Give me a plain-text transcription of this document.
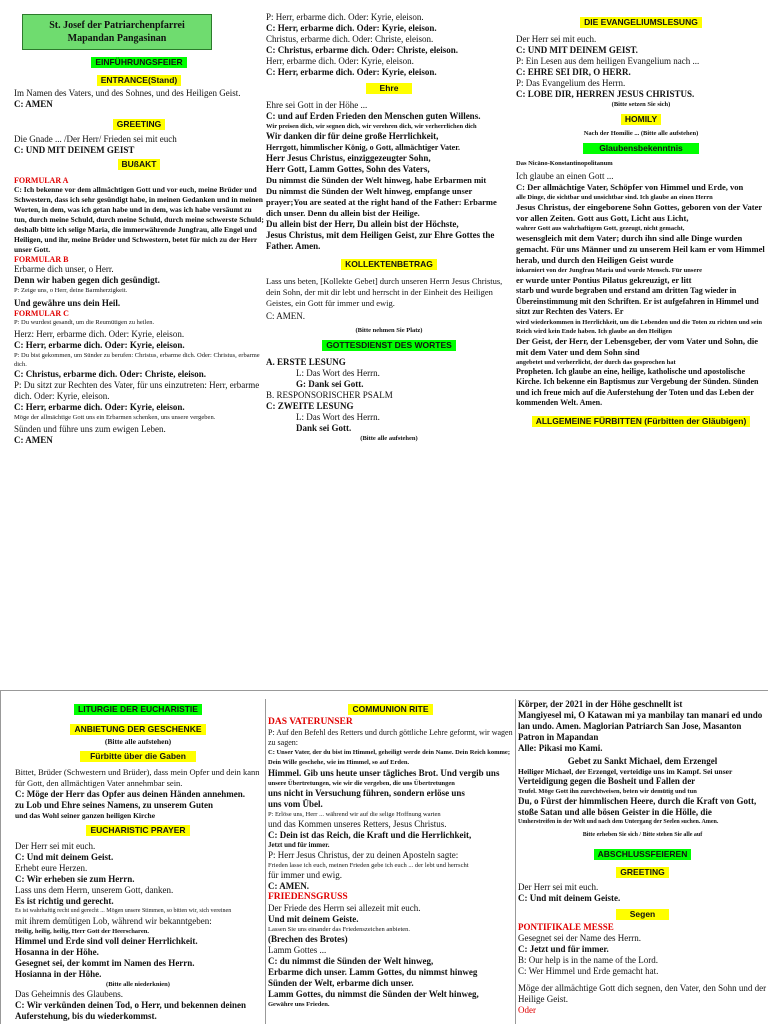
St. Josef der Patriarchenpfarrei
Mapandan Pangasinan
EINFÜHRUNGSFEIER
ENTRANCE(Stand)

Im Namen des Vaters, und des Sohnes, und des Heiligen Geist.

C: AMEN

GREETING

Die Gnade ... /Der Herr/ Frieden sei mit euch

C: UND MIT DEINEM GEIST

BUßAKT

FORMULAR A

C: Ich bekenne vor dem allmächtigen Gott und vor euch, meine Brüder und Schwestern, dass ich sehr gesündigt habe, in meinen Gedanken und in meinen Worten, in dem, was ich getan habe und in dem, was ich habe versäumt zu tun, durch meine Schuld, durch meine Schuld, durch meine schwerste Schuld; deshalb bitte ich selige Maria, die immerwährende Jungfrau, alle Engel und Heiligen, und ihr, meine Brüder und Schwestern, betet für mich zu der Herr unser Gott.

FORMULAR B

Erbarme dich unser, o Herr.

Denn wir haben gegen dich gesündigt.

P: Zeige uns, o Herr, deine Barmherzigkeit.

Und gewähre uns dein Heil.

FORMULAR C

P: Du wurdest gesandt, um die Reumütigen zu heilen.

Herz: Herr, erbarme dich. Oder: Kyrie, eleison.

C: Herr, erbarme dich. Oder: Kyrie, eleison.

P: Du bist gekommen, um Sünder zu berufen: Christus, erbarme dich. Oder: Christus, erbarme dich.

C: Christus, erbarme dich. Oder: Christe, eleison.

P: Du sitzt zur Rechten des Vater, für uns einzutreten: Herr, erbarme dich. Oder: Kyrie, eleison.

C: Herr, erbarme dich. Oder: Kyrie, eleison.

Möge der allmächtige Gott uns ein Erbarmen schenken, uns unsere vergeben.

Sünden und führe uns zum ewigen Leben.

C: AMEN

P: Herr, erbarme dich. Oder: Kyrie, eleison.

C: Herr, erbarme dich. Oder: Kyrie, eleison.

Christus, erbarme dich. Oder: Christe, eleison.

C: Christus, erbarme dich. Oder: Christe, eleison.

Herr, erbarme dich. Oder: Kyrie, eleison.

C: Herr, erbarme dich. Oder: Kyrie, eleison.

Ehre

Ehre sei Gott in der Höhe ...

C: und auf Erden Frieden den Menschen guten Willens.

Wir preisen dich, wir segnen dich, wir verehren dich, wir verherrlichen dich

Wir danken dir für deine große Herrlichkeit,

Herrgott, himmlischer König, o Gott, allmächtiger Vater.

Herr Jesus Christus, einziggezeugter Sohn,

Herr Gott, Lamm Gottes, Sohn des Vaters,

Du nimmst die Sünden der Welt hinweg, habe Erbarmen mit

Du nimmst die Sünden der Welt hinweg, empfange unser prayer;You are seated at the right hand of the Father: Erbarme dich unser. Denn du allein bist der Heilige.

Du allein bist der Herr, Du allein bist der Höchste,

Jesus Christus, mit dem Heiligen Geist, zur Ehre Gottes the Father. Amen.

KOLLEKTENBETRAG

Lass uns beten, [Kollekte Gebet] durch unseren Herrn Jesus Christus, dein Sohn, der mit dir lebt und herrscht in der Einheit des Heiligen Geistes, ein Gott für immer und ewig.

C: AMEN.

(Bitte nehmen Sie Platz)

GOTTESDIENST DES WORTES

A. ERSTE LESUNG

L: Das Wort des Herrn.

G: Dank sei Gott.

B. RESPONSORISCHER PSALM

C: ZWEITE LESUNG

L: Das Wort des Herrn.

Dank sei Gott.

(Bitte alle aufstehen)

DIE EVANGELIUMSLESUNG

Der Herr sei mit euch.

C: UND MIT DEINEM GEIST.

P: Ein Lesen aus dem heiligen Evangelium nach ...

C: EHRE SEI DIR, O HERR.

P: Das Evangelium des Herrn.

C: LOBE DIR, HERREN JESUS CHRISTUS.

(Bitte setzen Sie sich)

HOMILY

Nach der Homilie ... (Bitte alle aufstehen)

Glaubensbekenntnis

Das Nicäno-Konstantinopolitanum

Ich glaube an einen Gott ...

C: Der allmächtige Vater, Schöpfer von Himmel und Erde, von

alle Dinge, die sichtbar und unsichtbar sind. Ich glaube an einen Herrn

Jesus Christus, der eingeborene Sohn Gottes, geboren von der Vater vor allen Zeiten. Gott aus Gott, Licht aus Licht,

wahrer Gott aus wahrhaftigem Gott, gezeugt, nicht gemacht,

wesensgleich mit dem Vater; durch ihn sind alle Dinge wurden gemacht. Für uns Männer und zu unserem Heil kam er vom Himmel herab, und durch den Heiligen Geist wurde

inkarniert von der Jungfrau Maria und wurde Mensch. Für unsere

er wurde unter Pontius Pilatus gekreuzigt, er litt

starb und wurde begraben und erstand am dritten Tag wieder in Übereinstimmung mit den Schriften. Er ist aufgefahren in Himmel und sitzt zur Rechten des Vaters. Er

wird wiederkommen in Herrlichkeit, um die Lebenden und die Toten zu richten und sein Reich wird kein Ende haben. Ich glaube an den Heiligen

Der Geist, der Herr, der Lebensgeber, der vom Vater und Sohn, die mit dem Vater und dem Sohn sind

angebetet und verherrlicht, der durch das gesprochen hat

Propheten. Ich glaube an eine, heilige, katholische und apostolische Kirche. Ich bekenne ein Baptismus zur Vergebung der Sünden. Sünden und ich freue mich auf die Auferstehung der Toten und das Leben der kommenden Welt. Amen.

ALLGEMEINE FÜRBITTEN (Fürbitten der Gläubigen)
LITURGIE DER EUCHARISTIE
ANBIETUNG DER GESCHENKE

(Bitte alle aufstehen)

Fürbitte über die Gaben

Bittet, Brüder (Schwestern und Brüder), dass mein Opfer und dein kann für Gott, den allmächtigen Vater annehmbar sein.

C: Möge der Herr das Opfer aus deinen Händen annehmen.

zu Lob und Ehre seines Namens, zu unserem Guten

und das Wohl seiner ganzen heiligen Kirche

EUCHARISTIC PRAYER

Der Herr sei mit euch.

C: Und mit deinem Geist.

Erhebt eure Herzen.

C: Wir erheben sie zum Herrn.

Lass uns dem Herrn, unserem Gott, danken.

Es ist richtig und gerecht.

Es ist wahrhaftig recht und gerecht ... Mögen unsere Stimmen, so bitten wir, sich vereinen

mit ihrem demütigen Lob, während wir bekanntgeben:

Heilig, heilig, heilig, Herr Gott der Heerscharen.

Himmel und Erde sind voll deiner Herrlichkeit.

Hosanna in der Höhe.

Gesegnet sei, der kommt im Namen des Herrn.

Hosianna in der Höhe.

(Bitte alle niederknien)

Das Geheimnis des Glaubens.

C: Wir verkünden deinen Tod, o Herr, und bekennen deinen

Auferstehung, bis du wiederkommst.

COMMUNION RITE

DAS VATERUNSER

P: Auf den Befehl des Retters und durch göttliche Lehre geformt, wir wagen zu sagen:

C: Unser Vater, der du bist im Himmel, geheiligt werde dein Name. Dein Reich komme; Dein Wille geschehe, wie im Himmel, so auf Erden.

Himmel. Gib uns heute unser tägliches Brot. Und vergib uns

unsere Übertretungen, wie wir die vergeben, die uns Übertretungen

uns nicht in Versuchung führen, sondern erlöse uns

uns vom Übel.

P: Erlöse uns, Herr ... während wir auf die selige Hoffnung warten

und das Kommen unseres Retters, Jesus Christus.

C: Dein ist das Reich, die Kraft und die Herrlichkeit,

Jetzt und für immer.

P: Herr Jesus Christus, der zu deinen Aposteln sagte:

Frieden lasse ich euch, meinen Frieden gebe ich euch ... der lebt und herrscht

für immer und ewig.

C: AMEN.

FRIEDENSGRUSS

Der Friede des Herrn sei allezeit mit euch.

Und mit deinem Geiste.

Lassen Sie uns einander das Friedenszeichen anbieten.

(Brechen des Brotes)

Lamm Gottes ...

C: du nimmst die Sünden der Welt hinweg,

Erbarme dich unser. Lamm Gottes, du nimmst hinweg

Sünden der Welt, erbarme dich unser.

Lamm Gottes, du nimmst die Sünden der Welt hinweg,

Gewähre uns Frieden.

Körper, der 2021 in der Höhe geschnellt ist

Mangiyesel mi, O Katawan mi ya manbilay tan manari ed undo lan undo. Amen. Maglorian Patriarch San Jose, Masanton Patron in Mapandan

Alle: Pikasi mo Kami.

Gebet zu Sankt Michael, dem Erzengel

Heiliger Michael, der Erzengel, verteidige uns im Kampf. Sei unser

Verteidigung gegen die Bosheit und Fallen der

Teufel. Möge Gott ihn zurechtweisen, beten wir demütig und tun

Du, o Fürst der himmlischen Heere, durch die Kraft von Gott, stoße Satan und alle bösen Geister in die Hölle, die

Umherstreifen in der Welt und nach dem Untergang der Seelen suchen. Amen.

Bitte erheben Sie sich / Bitte stehen Sie alle auf

ABSCHLUSSFEIEREN
GREETING

Der Herr sei mit euch.

C: Und mit deinem Geiste.

Segen

PONTIFIKALE MESSE

Gesegnet sei der Name des Herrn.

C: Jetzt und für immer.

B: Our help is in the name of the Lord.

C: Wer Himmel und Erde gemacht hat.

Möge der allmächtige Gott dich segnen, den Vater, den Sohn und der Heilige Geist.

Oder
